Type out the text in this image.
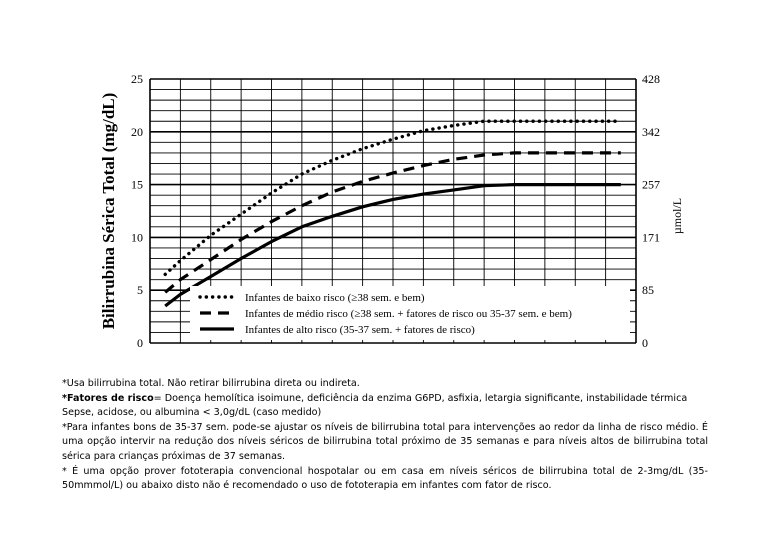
Infantes de baixo risco (≥38 sem. e bem)
Infantes de médio risco (≥38 sem. + fatores de risco ou 35-37 sem. e bem)
Infantes de alto risco (35-37 sem. + fatores de risco)
0
5
10
15
20
25
0
85
171
257
342
428
Bilirrubina Sérica Total (mg/dL)	µmol/L

*Usa bilirrubina total. Não retirar bilirrubina direta ou indireta.

*Fatores de risco= Doença hemolítica isoimune, deficiência da enzima G6PD, asfixia, letargia significante, instabilidade térmica

Sepse, acidose, ou albumina < 3,0g/dL (caso medido)

*Para infantes bons de 35-37 sem. pode-se ajustar os níveis de bilirrubina total para intervenções ao redor da linha de risco médio. É uma opção intervir na redução dos níveis séricos de bilirrubina total próximo de 35 semanas e para níveis altos de bilirrubina total sérica para crianças próximas de 37 semanas.

* É uma opção prover fototerapia convencional hospotalar ou em casa em níveis séricos de bilirrubina total de 2-3mg/dL (35-50mmmol/L) ou abaixo disto não é recomendado o uso de fototerapia em infantes com fator de risco.
